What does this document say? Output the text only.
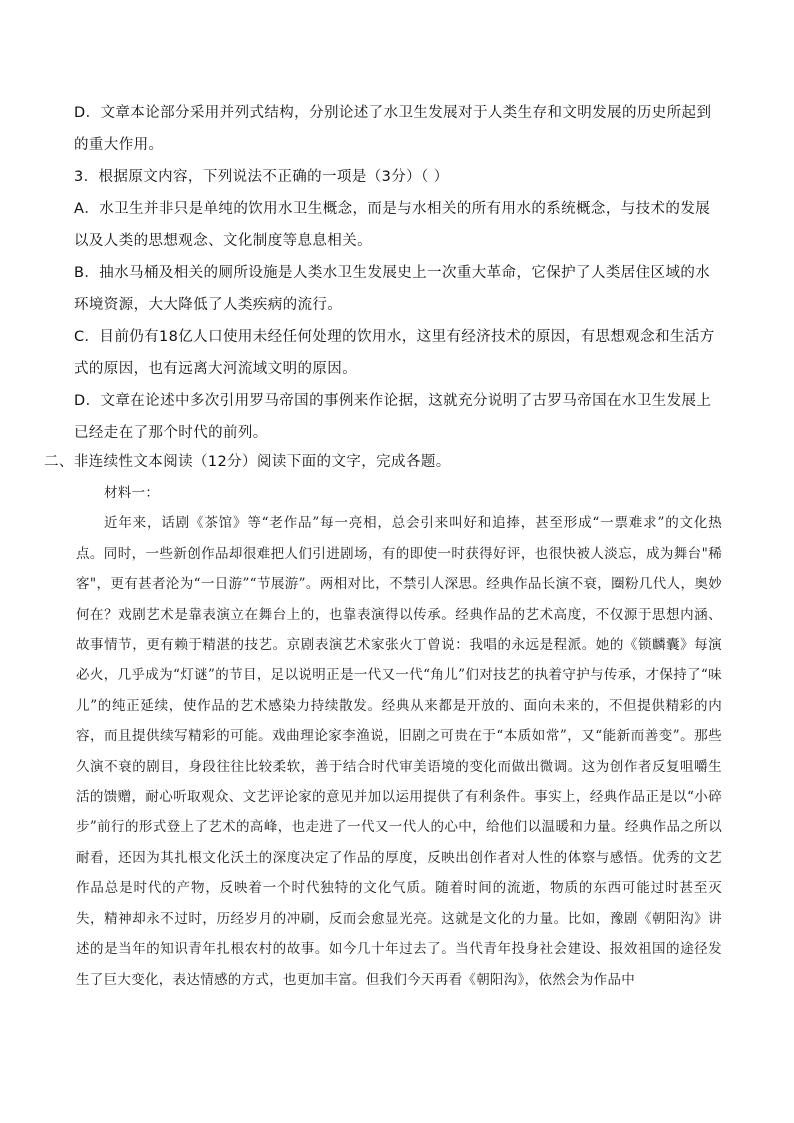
D．文章本论部分采用并列式结构，分别论述了水卫生发展对于人类生存和文明发展的历史所起到的重大作用。

3．根据原文内容，下列说法不正确的一项是（3分）（ ）

A．水卫生并非只是单纯的饮用水卫生概念，而是与水相关的所有用水的系统概念，与技术的发展以及人类的思想观念、文化制度等息息相关。

B．抽水马桶及相关的厕所设施是人类水卫生发展史上一次重大革命，它保护了人类居住区域的水环境资源，大大降低了人类疾病的流行。

C．目前仍有18亿人口使用未经任何处理的饮用水，这里有经济技术的原因，有思想观念和生活方式的原因，也有远离大河流域文明的原因。

D．文章在论述中多次引用罗马帝国的事例来作论据，这就充分说明了古罗马帝国在水卫生发展上已经走在了那个时代的前列。

二、非连续性文本阅读（12分）阅读下面的文字，完成各题。

材料一：

近年来，话剧《茶馆》等“老作品”每一亮相，总会引来叫好和追捧，甚至形成“一票难求”的文化热点。同时，一些新创作品却很难把人们引进剧场，有的即使一时获得好评，也很快被人淡忘，成为舞台"稀客"，更有甚者沦为“一日游”“节展游”。两相对比，不禁引人深思。经典作品长演不衰，圈粉几代人，奥妙何在？戏剧艺术是靠表演立在舞台上的，也靠表演得以传承。经典作品的艺术高度，不仅源于思想内涵、故事情节，更有赖于精湛的技艺。京剧表演艺术家张火丁曾说：我唱的永远是程派。她的《锁麟囊》每演必火，几乎成为“灯谜”的节目，足以说明正是一代又一代“角儿”们对技艺的执着守护与传承，才保持了“味儿”的纯正延续，使作品的艺术感染力持续散发。经典从来都是开放的、面向未来的，不但提供精彩的内容，而且提供续写精彩的可能。戏曲理论家李渔说，旧剧之可贵在于“本质如常”，又“能新而善变”。那些久演不衰的剧目，身段往往比较柔软，善于结合时代审美语境的变化而做出微调。这为创作者反复咀嚼生活的馈赠，耐心听取观众、文艺评论家的意见并加以运用提供了有利条件。事实上，经典作品正是以“小碎步”前行的形式登上了艺术的高峰，也走进了一代又一代人的心中，给他们以温暖和力量。经典作品之所以耐看，还因为其扎根文化沃土的深度决定了作品的厚度，反映出创作者对人性的体察与感悟。优秀的文艺作品总是时代的产物，反映着一个时代独特的文化气质。随着时间的流逝，物质的东西可能过时甚至灭失，精神却永不过时，历经岁月的冲刷，反而会愈显光亮。这就是文化的力量。比如，豫剧《朝阳沟》讲述的是当年的知识青年扎根农村的故事。如今几十年过去了。当代青年投身社会建设、报效祖国的途径发生了巨大变化，表达情感的方式，也更加丰富。但我们今天再看《朝阳沟》，依然会为作品中
